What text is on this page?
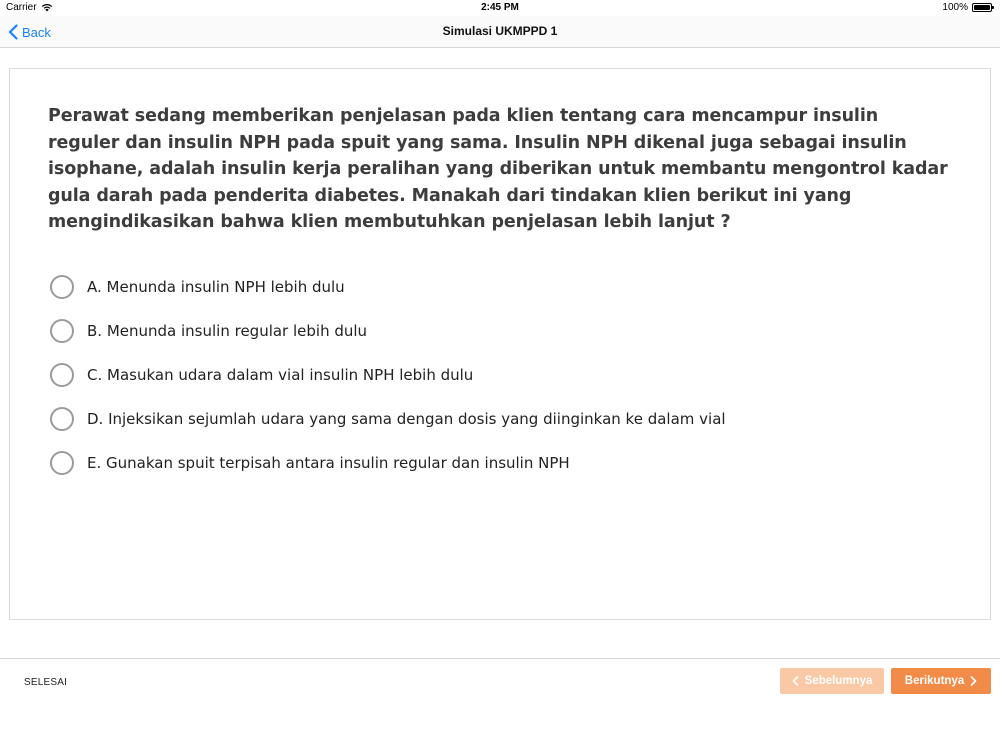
Carrier	2:45 PM	100%
Back	Simulasi UKMPPD 1
Perawat sedang memberikan penjelasan pada klien tentang cara mencampur insulin reguler dan insulin NPH pada spuit yang sama. Insulin NPH dikenal juga sebagai insulin isophane, adalah insulin kerja peralihan yang diberikan untuk membantu mengontrol kadar gula darah pada penderita diabetes. Manakah dari tindakan klien berikut ini yang mengindikasikan bahwa klien membutuhkan penjelasan lebih lanjut ?
A. Menunda insulin NPH lebih dulu
B. Menunda insulin regular lebih dulu
C. Masukan udara dalam vial insulin NPH lebih dulu
D. Injeksikan sejumlah udara yang sama dengan dosis yang diinginkan ke dalam vial
E. Gunakan spuit terpisah antara insulin regular dan insulin NPH
SELESAI	Sebelumnya	Berikutnya
